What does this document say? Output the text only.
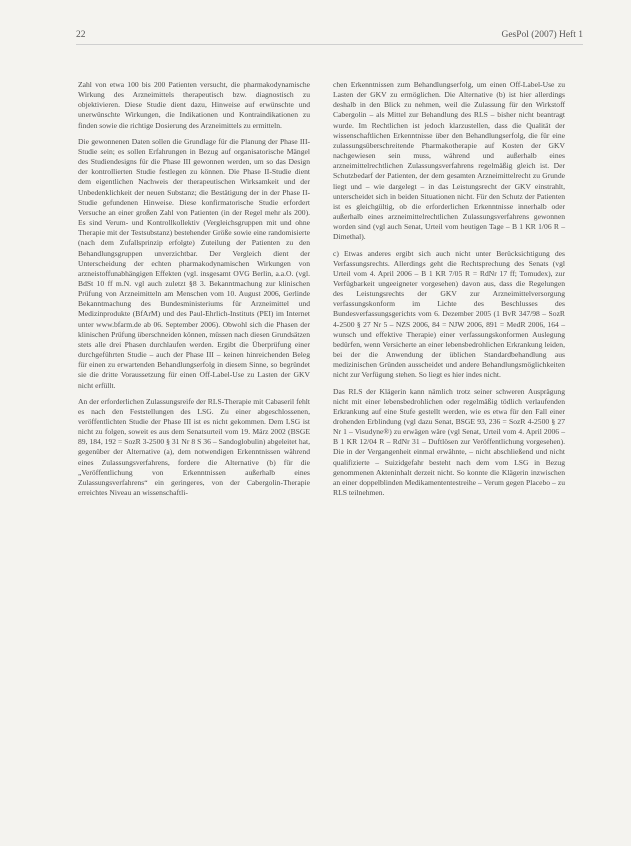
22	GesPol (2007) Heft 1

Zahl von etwa 100 bis 200 Patienten versucht, die pharmakodynamische Wirkung des Arzneimittels therapeutisch bzw. diagnostisch zu objektivieren. Diese Studie dient dazu, Hinweise auf erwünschte und unerwünschte Wirkungen, die Indikationen und Kontraindikationen zu finden sowie die richtige Dosierung des Arzneimittels zu ermitteln.

Die gewonnenen Daten sollen die Grundlage für die Planung der Phase III-Studie sein; es sollen Erfahrungen in Bezug auf organisatorische Mängel des Studiendesigns für die Phase III gewonnen werden, um so das Design der kontrollierten Studie festlegen zu können. Die Phase II-Studie dient dem eigentlichen Nachweis der therapeutischen Wirksamkeit und der Unbedenklichkeit der neuen Substanz; die Bestätigung der in der Phase II-Studie gefundenen Hinweise. Diese konfirmatorische Studie erfordert Versuche an einer großen Zahl von Patienten (in der Regel mehr als 200). Es sind Verum- und Kontrollkollektiv (Vergleichsgruppen mit und ohne Therapie mit der Testsubstanz) bestehender Größe sowie eine randomisierte (nach dem Zufallsprinzip erfolgte) Zuteilung der Patienten zu den Behandlungsgruppen unverzichtbar. Der Vergleich dient der Unterscheidung der echten pharmakodynamischen Wirkungen von arzneistoffunabhängigen Effekten (vgl. insgesamt OVG Berlin, a.a.O. (vgl. BdSt 10 ff m.N. vgl auch zuletzt §8 3. Bekanntmachung zur klinischen Prüfung von Arzneimitteln am Menschen vom 10. August 2006, Gerlinde Bekanntmachung des Bundesministeriums für Arzneimittel und Medizinprodukte (BfArM) und des Paul-Ehrlich-Instituts (PEI) im Internet unter www.bfarm.de ab 06. September 2006). Obwohl sich die Phasen der klinischen Prüfung überschneiden können, müssen nach diesen Grundsätzen stets alle drei Phasen durchlaufen werden. Ergibt die Überprüfung einer durchgeführten Studie – auch der Phase III – keinen hinreichenden Beleg für einen zu erwartenden Behandlungserfolg in diesem Sinne, so begründet sie die dritte Voraussetzung für einen Off-Label-Use zu Lasten der GKV nicht erfüllt.

An der erforderlichen Zulassungsreife der RLS-Therapie mit Cabaseril fehlt es nach den Feststellungen des LSG. Zu einer abgeschlossenen, veröffentlichten Studie der Phase III ist es nicht gekommen. Dem LSG ist nicht zu folgen, soweit es aus dem Senatsurteil vom 19. März 2002 (BSGE 89, 184, 192 = SozR 3-2500 § 31 Nr 8 S 36 – Sandoglobulin) abgeleitet hat, gegenüber der Alternative (a), dem notwendigen Erkenntnissen während eines Zulassungsverfahrens, fordere die Alternative (b) für die „Veröffentlichung von Erkenntnissen außerhalb eines Zulassungsverfahrens“ ein geringeres, von der Cabergolin-Therapie erreichtes Niveau an wissenschaftli-

chen Erkenntnissen zum Behandlungserfolg, um einen Off-Label-Use zu Lasten der GKV zu ermöglichen. Die Alternative (b) ist hier allerdings deshalb in den Blick zu nehmen, weil die Zulassung für den Wirkstoff Cabergolin – als Mittel zur Behandlung des RLS – bisher nicht beantragt wurde. Im Rechtlichen ist jedoch klarzustellen, dass die Qualität der wissenschaftlichen Erkenntnisse über den Behandlungserfolg, die für eine zulassungsüberschreitende Pharmakotherapie auf Kosten der GKV nachgewiesen sein muss, während und außerhalb eines arzneimittelrechtlichen Zulassungsverfahrens regelmäßig gleich ist. Der Schutzbedarf der Patienten, der dem gesamten Arzneimittelrecht zu Grunde liegt und – wie dargelegt – in das Leistungsrecht der GKV einstrahlt, unterscheidet sich in beiden Situationen nicht. Für den Schutz der Patienten ist es gleichgültig, ob die erforderlichen Erkenntnisse innerhalb oder außerhalb eines arzneimittelrechtlichen Zulassungsverfahrens gewonnen worden sind (vgl auch Senat, Urteil vom heutigen Tage – B 1 KR 1/06 R – Dimethal).

c) Etwas anderes ergibt sich auch nicht unter Berücksichtigung des Verfassungsrechts. Allerdings geht die Rechtsprechung des Senats (vgl Urteil vom 4. April 2006 – B 1 KR 7/05 R = RdNr 17 ff; Tomudex), zur Verfügbarkeit ungeeigneter vorgesehen) davon aus, dass die Regelungen des Leistungsrechts der GKV zur Arzneimittelversorgung verfassungskonform im Lichte des Beschlusses des Bundesverfassungsgerichts vom 6. Dezember 2005 (1 BvR 347/98 – SozR 4-2500 § 27 Nr 5 – NZS 2006, 84 = NJW 2006, 891 = MedR 2006, 164 – wunsch und effektive Therapie) einer verfassungskonformen Auslegung bedürfen, wenn Versicherte an einer lebensbedrohlichen Erkrankung leiden, bei der die Anwendung der üblichen Standardbehandlung aus medizinischen Gründen ausscheidet und andere Behandlungsmöglichkeiten nicht zur Verfügung stehen. So liegt es hier indes nicht.

Das RLS der Klägerin kann nämlich trotz seiner schweren Ausprägung nicht mit einer lebensbedrohlichen oder regelmäßig tödlich verlaufenden Erkrankung auf eine Stufe gestellt werden, wie es etwa für den Fall einer drohenden Erblindung (vgl dazu Senat, BSGE 93, 236 = SozR 4-2500 § 27 Nr 1 – Visudyne®) zu erwägen wäre (vgl Senat, Urteil vom 4. April 2006 – B 1 KR 12/04 R – RdNr 31 – Duftlösen zur Veröffentlichung vorgesehen). Die in der Vergangenheit einmal erwähnte, – nicht abschließend und nicht qualifizierte – Suizidgefahr besteht nach dem vom LSG in Bezug genommenen Akteninhalt derzeit nicht. So konnte die Klägerin inzwischen an einer doppelblinden Medikamententestreihe – Verum gegen Placebo – zu RLS teilnehmen.
